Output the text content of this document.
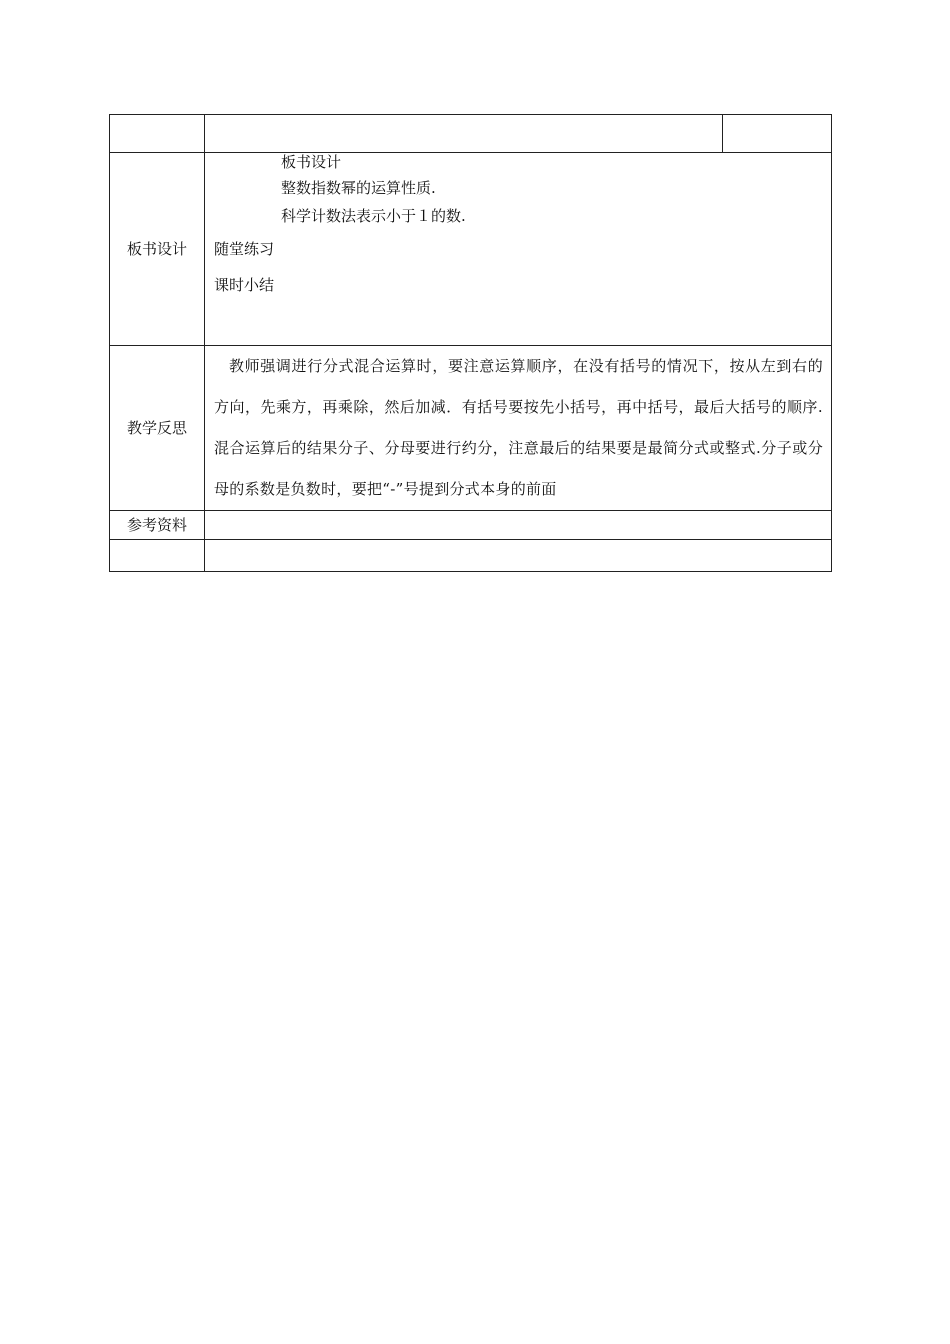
板书设计	板书设计
整数指数幂的运算性质.
科学计数法表示小于１的数.
随堂练习
课时小结	

教学反思	教师强调进行分式混合运算时，要注意运算顺序，在没有括号的情况下，按从左到右的方向，先乘方，再乘除，然后加减．有括号要按先小括号，再中括号，最后大括号的顺序.混合运算后的结果分子、分母要进行约分，注意最后的结果要是最简分式或整式.分子或分母的系数是负数时，要把“-”号提到分式本身的前面	

参考资料		
